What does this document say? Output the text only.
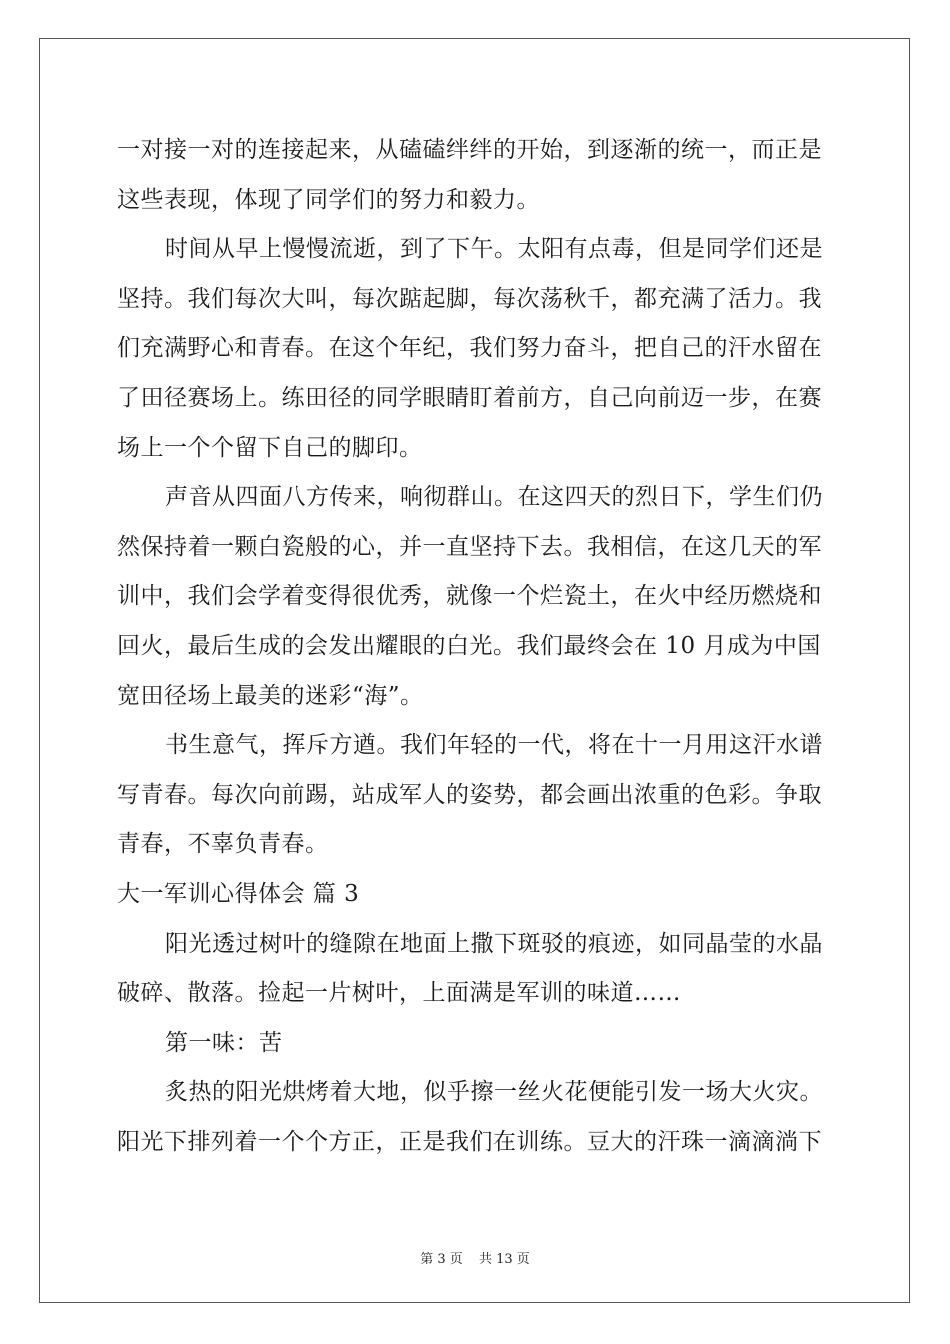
一对接一对的连接起来，从磕磕绊绊的开始，到逐渐的统一，而正是
这些表现，体现了同学们的努力和毅力。
时间从早上慢慢流逝，到了下午。太阳有点毒，但是同学们还是
坚持。我们每次大叫，每次踮起脚，每次荡秋千，都充满了活力。我
们充满野心和青春。在这个年纪，我们努力奋斗，把自己的汗水留在
了田径赛场上。练田径的同学眼睛盯着前方，自己向前迈一步，在赛
场上一个个留下自己的脚印。
声音从四面八方传来，响彻群山。在这四天的烈日下，学生们仍
然保持着一颗白瓷般的心，并一直坚持下去。我相信，在这几天的军
训中，我们会学着变得很优秀，就像一个烂瓷土，在火中经历燃烧和
回火，最后生成的会发出耀眼的白光。我们最终会在 10 月成为中国
宽田径场上最美的迷彩“海”。
书生意气，挥斥方遒。我们年轻的一代，将在十一月用这汗水谱
写青春。每次向前踢，站成军人的姿势，都会画出浓重的色彩。争取
青春，不辜负青春。
大一军训心得体会 篇 3
阳光透过树叶的缝隙在地面上撒下斑驳的痕迹，如同晶莹的水晶
破碎、散落。捡起一片树叶，上面满是军训的味道……
第一味：苦
炙热的阳光烘烤着大地，似乎擦一丝火花便能引发一场大火灾。
阳光下排列着一个个方正，正是我们在训练。豆大的汗珠一滴滴淌下
第 3 页 共 13 页
